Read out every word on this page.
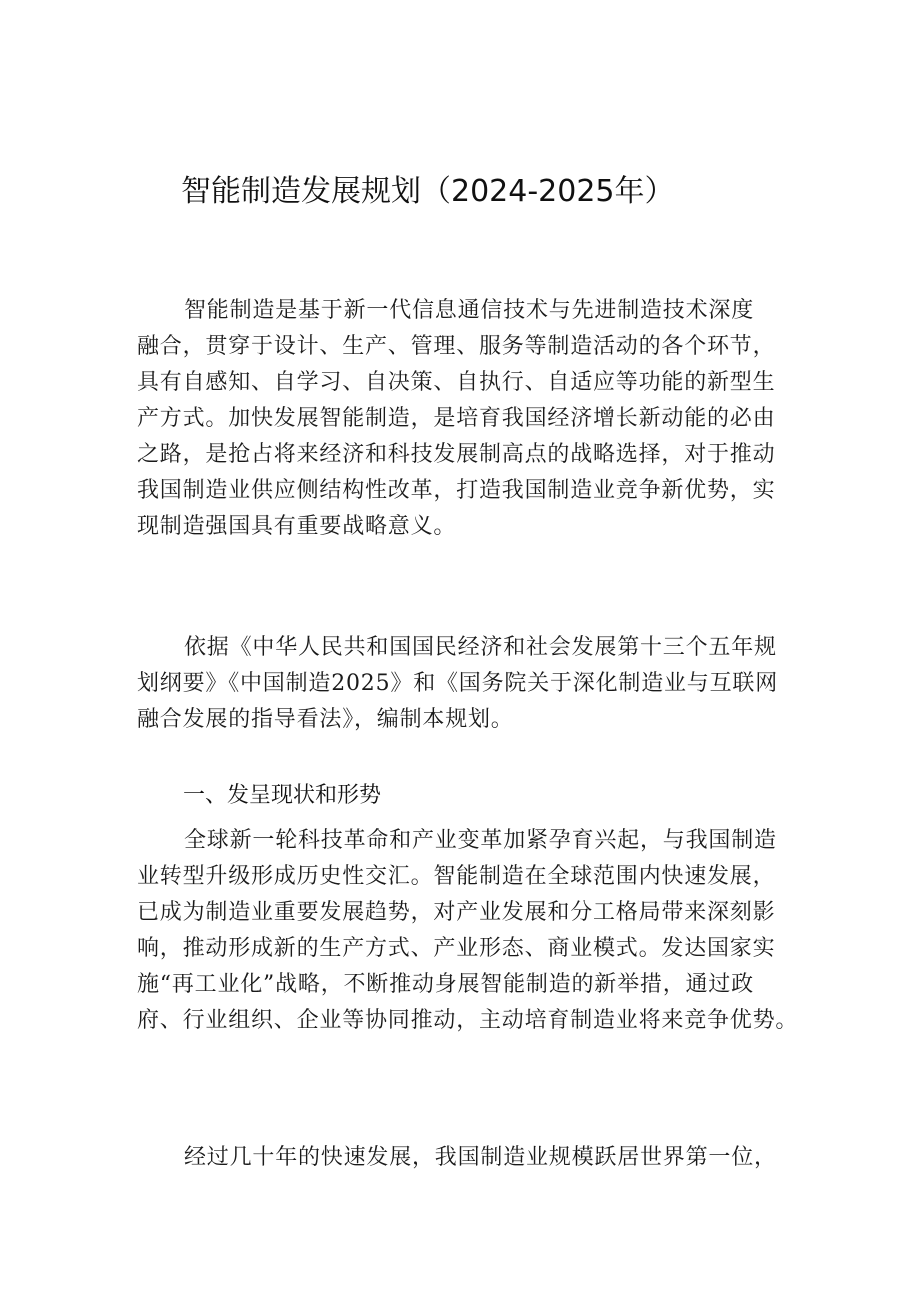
智能制造发展规划（2024-2025年）
智能制造是基于新一代信息通信技术与先进制造技术深度
融合，贯穿于设计、生产、管理、服务等制造活动的各个环节，
具有自感知、自学习、自决策、自执行、自适应等功能的新型生
产方式。加快发展智能制造，是培育我国经济增长新动能的必由
之路，是抢占将来经济和科技发展制高点的战略选择，对于推动
我国制造业供应侧结构性改革，打造我国制造业竞争新优势，实
现制造强国具有重要战略意义。
依据《中华人民共和国国民经济和社会发展第十三个五年规
划纲要》《中国制造2025》和《国务院关于深化制造业与互联网
融合发展的指导看法》，编制本规划。
一、发呈现状和形势
全球新一轮科技革命和产业变革加紧孕育兴起，与我国制造
业转型升级形成历史性交汇。智能制造在全球范围内快速发展，
已成为制造业重要发展趋势，对产业发展和分工格局带来深刻影
响，推动形成新的生产方式、产业形态、商业模式。发达国家实
施“再工业化”战略，不断推动身展智能制造的新举措，通过政
府、行业组织、企业等协同推动，主动培育制造业将来竞争优势。
经过几十年的快速发展，我国制造业规模跃居世界第一位，
